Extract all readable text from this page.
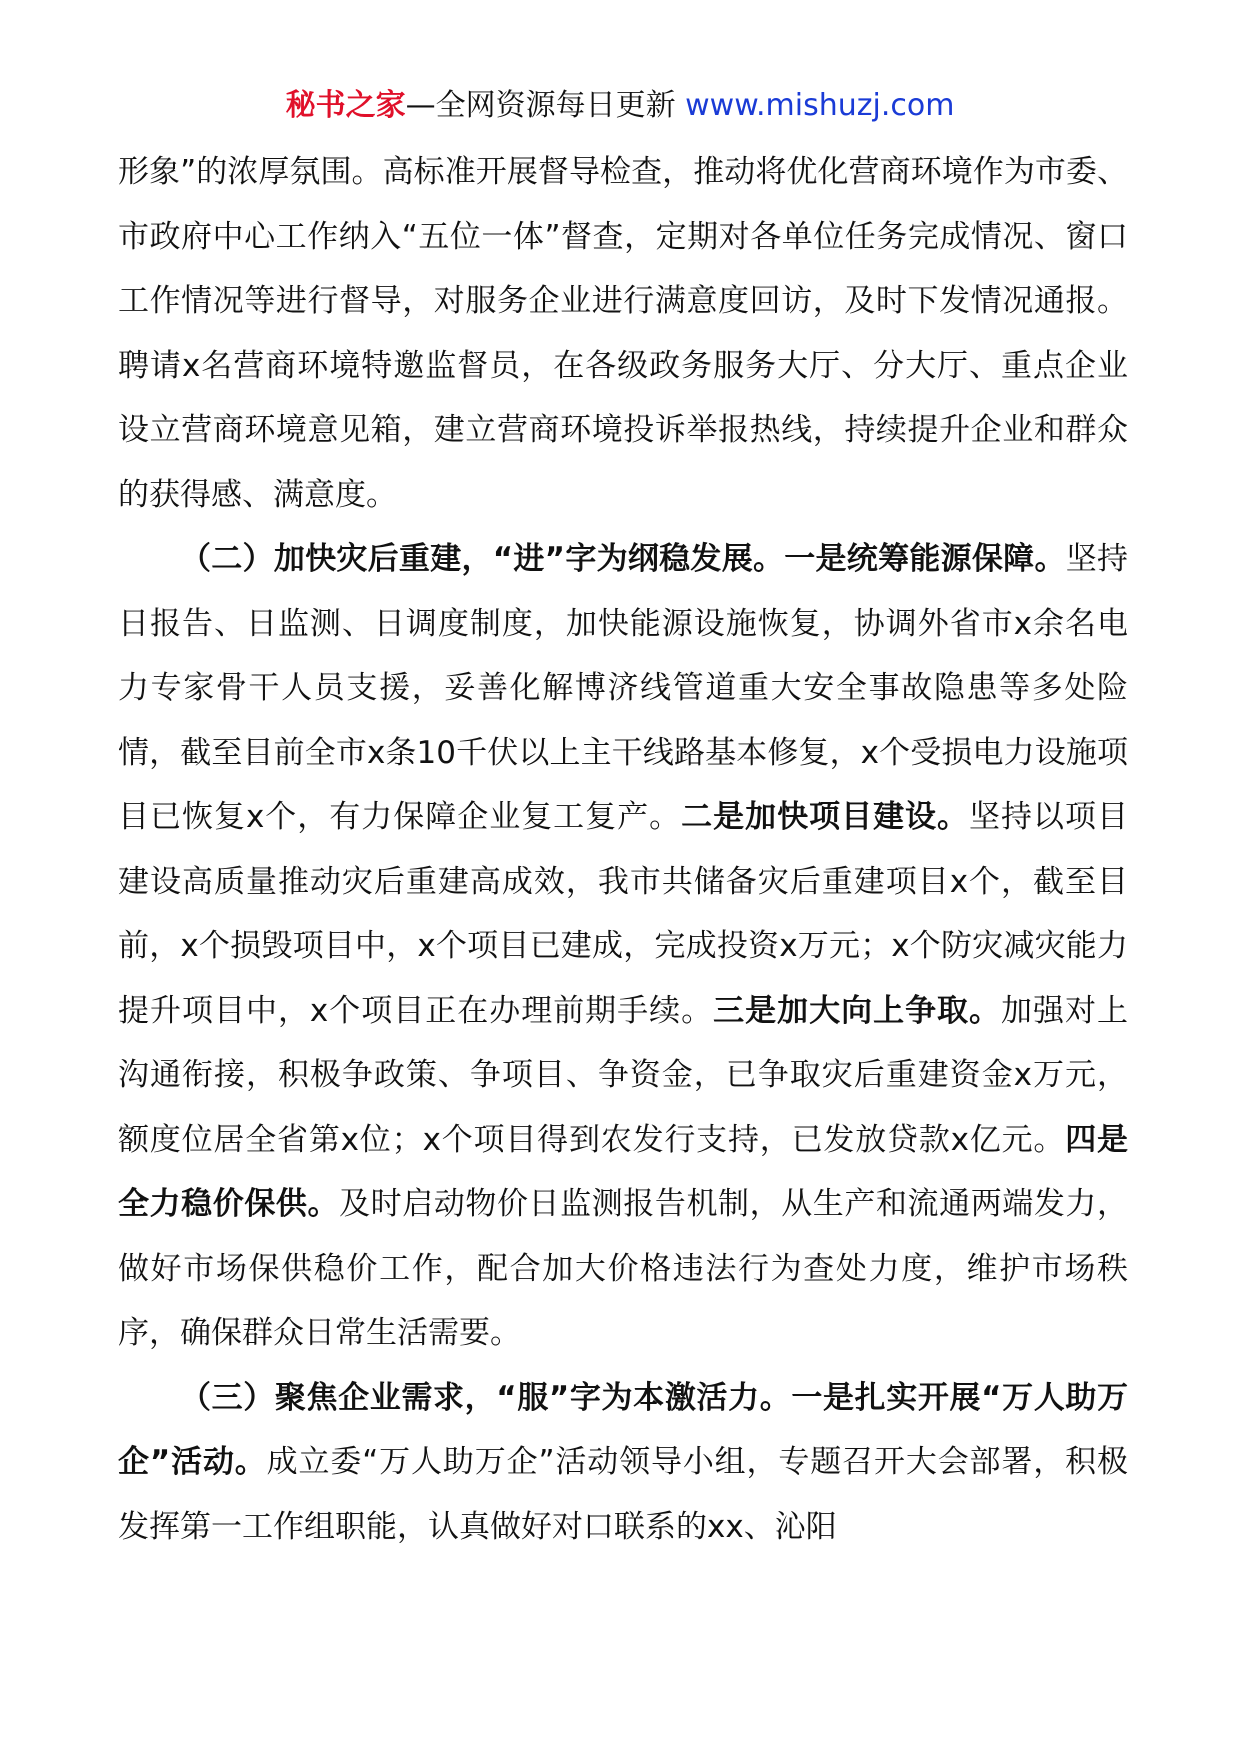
秘书之家—全网资源每日更新 www.mishuzj.com

形象”的浓厚氛围。高标准开展督导检查，推动将优化营商环境作为市委、市政府中心工作纳入“五位一体”督查，定期对各单位任务完成情况、窗口工作情况等进行督导，对服务企业进行满意度回访，及时下发情况通报。聘请x名营商环境特邀监督员，在各级政务服务大厅、分大厅、重点企业设立营商环境意见箱，建立营商环境投诉举报热线，持续提升企业和群众的获得感、满意度。

（二）加快灾后重建，“进”字为纲稳发展。一是统筹能源保障。坚持日报告、日监测、日调度制度，加快能源设施恢复，协调外省市x余名电力专家骨干人员支援，妥善化解博济线管道重大安全事故隐患等多处险情，截至目前全市x条10千伏以上主干线路基本修复，x个受损电力设施项目已恢复x个，有力保障企业复工复产。二是加快项目建设。坚持以项目建设高质量推动灾后重建高成效，我市共储备灾后重建项目x个，截至目前，x个损毁项目中，x个项目已建成，完成投资x万元；x个防灾减灾能力提升项目中，x个项目正在办理前期手续。三是加大向上争取。加强对上沟通衔接，积极争政策、争项目、争资金，已争取灾后重建资金x万元，额度位居全省第x位；x个项目得到农发行支持，已发放贷款x亿元。四是全力稳价保供。及时启动物价日监测报告机制，从生产和流通两端发力，做好市场保供稳价工作，配合加大价格违法行为查处力度，维护市场秩序，确保群众日常生活需要。

（三）聚焦企业需求，“服”字为本激活力。一是扎实开展“万人助万企”活动。成立委“万人助万企”活动领导小组，专题召开大会部署，积极发挥第一工作组职能，认真做好对口联系的xx、沁阳
